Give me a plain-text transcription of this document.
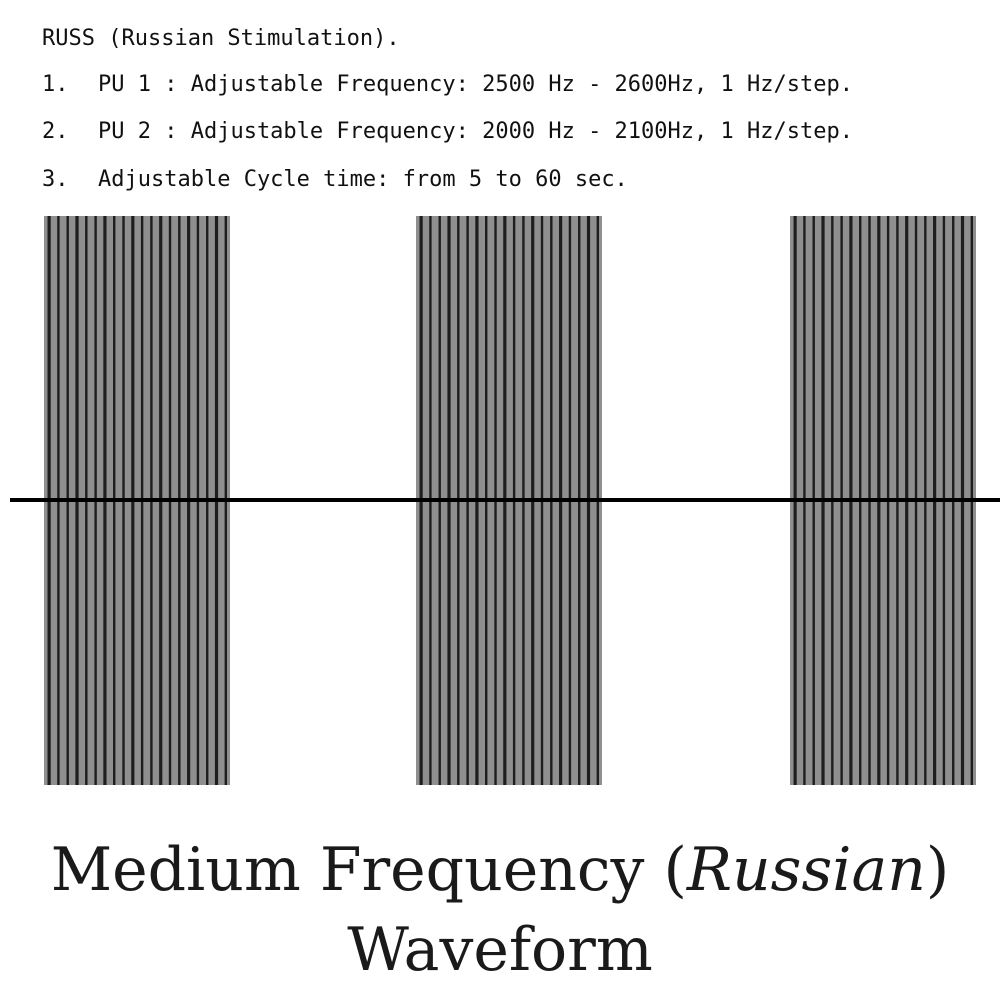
RUSS (Russian Stimulation).
1. PU 1 : Adjustable Frequency: 2500 Hz - 2600Hz, 1 Hz/step.
2. PU 2 : Adjustable Frequency: 2000 Hz - 2100Hz, 1 Hz/step.
3. Adjustable Cycle time: from 5 to 60 sec.
Medium Frequency (Russian)
Waveform
